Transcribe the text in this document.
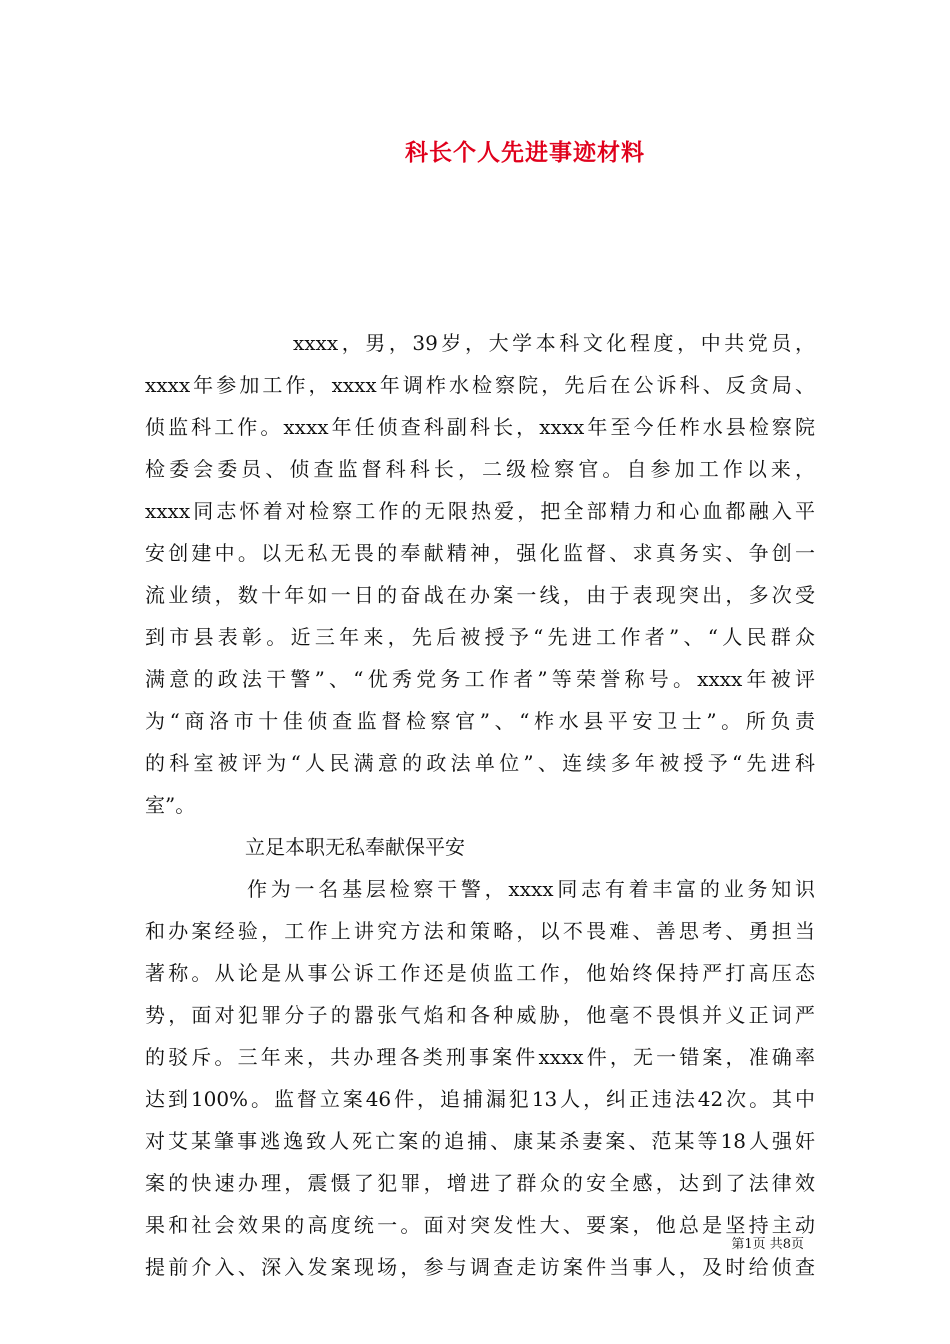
科长个人先进事迹材料
xxxx，男，39岁，大学本科文化程度，中共党员，
xxxx年参加工作，xxxx年调柞水检察院，先后在公诉科、反贪局、
侦监科工作。xxxx年任侦查科副科长，xxxx年至今任柞水县检察院
检委会委员、侦查监督科科长，二级检察官。自参加工作以来，
xxxx同志怀着对检察工作的无限热爱，把全部精力和心血都融入平
安创建中。以无私无畏的奉献精神，强化监督、求真务实、争创一
流业绩，数十年如一日的奋战在办案一线，由于表现突出，多次受
到市县表彰。近三年来，先后被授予“先进工作者”、“人民群众
满意的政法干警”、“优秀党务工作者”等荣誉称号。xxxx年被评
为“商洛市十佳侦查监督检察官”、“柞水县平安卫士”。所负责
的科室被评为“人民满意的政法单位”、连续多年被授予“先进科
室”。
立足本职无私奉献保平安
作为一名基层检察干警，xxxx同志有着丰富的业务知识
和办案经验，工作上讲究方法和策略，以不畏难、善思考、勇担当
著称。从论是从事公诉工作还是侦监工作，他始终保持严打高压态
势，面对犯罪分子的嚣张气焰和各种威胁，他毫不畏惧并义正词严
的驳斥。三年来，共办理各类刑事案件xxxx件，无一错案，准确率
达到100%。监督立案46件，追捕漏犯13人，纠正违法42次。其中
对艾某肇事逃逸致人死亡案的追捕、康某杀妻案、范某等18人强奸
案的快速办理，震慑了犯罪，增进了群众的安全感，达到了法律效
果和社会效果的高度统一。面对突发性大、要案，他总是坚持主动
提前介入、深入发案现场，参与调查走访案件当事人，及时给侦查
第1页 共8页
